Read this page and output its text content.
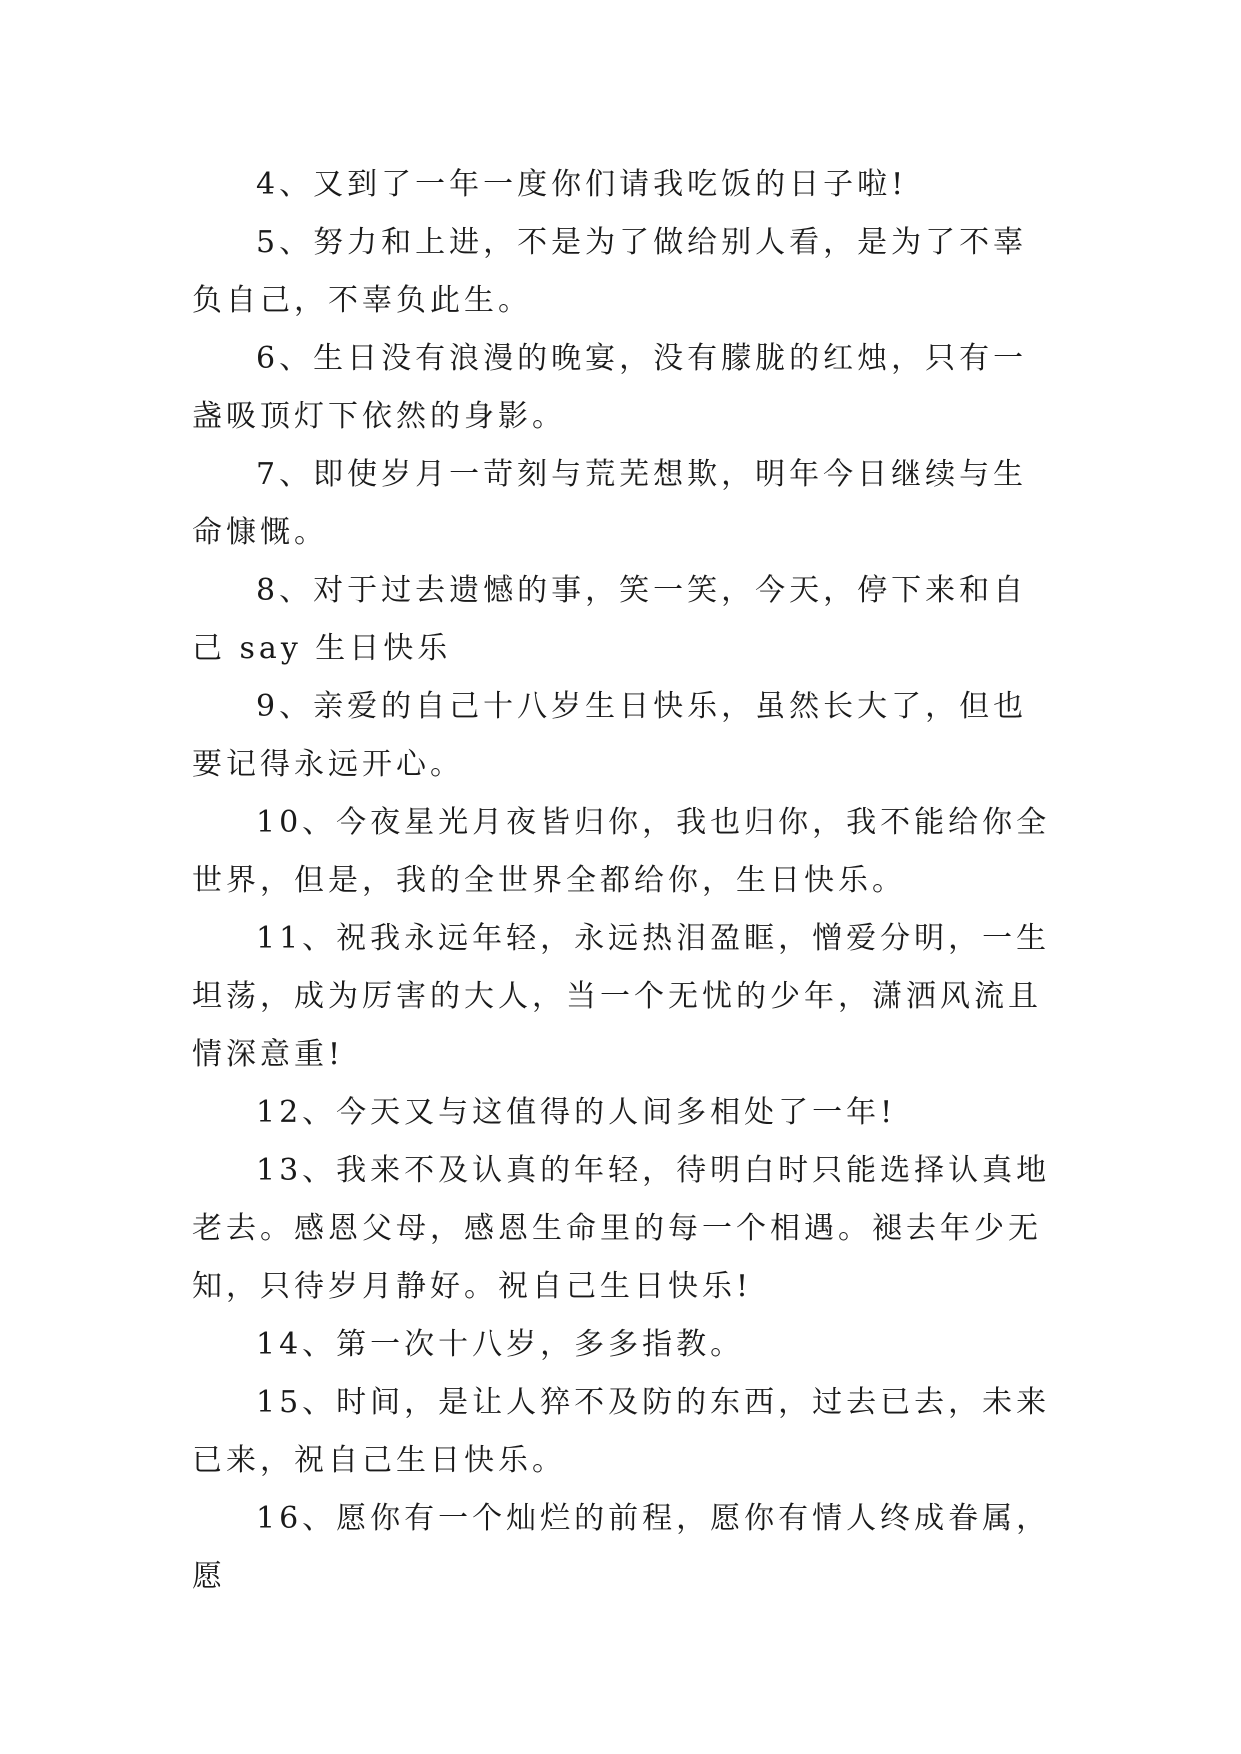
4、又到了一年一度你们请我吃饭的日子啦!

5、努力和上进，不是为了做给别人看，是为了不辜负自己，不辜负此生。

6、生日没有浪漫的晚宴，没有朦胧的红烛，只有一盏吸顶灯下依然的身影。

7、即使岁月一苛刻与荒芜想欺，明年今日继续与生命慷慨。

8、对于过去遗憾的事，笑一笑，今天，停下来和自己 say 生日快乐

9、亲爱的自己十八岁生日快乐，虽然长大了，但也要记得永远开心。

10、今夜星光月夜皆归你，我也归你，我不能给你全世界，但是，我的全世界全都给你，生日快乐。

11、祝我永远年轻，永远热泪盈眶，憎爱分明，一生坦荡，成为厉害的大人，当一个无忧的少年，潇洒风流且情深意重!

12、今天又与这值得的人间多相处了一年!

13、我来不及认真的年轻，待明白时只能选择认真地老去。感恩父母，感恩生命里的每一个相遇。褪去年少无知，只待岁月静好。祝自己生日快乐!

14、第一次十八岁，多多指教。

15、时间，是让人猝不及防的东西，过去已去，未来已来，祝自己生日快乐。

16、愿你有一个灿烂的前程，愿你有情人终成眷属，愿
